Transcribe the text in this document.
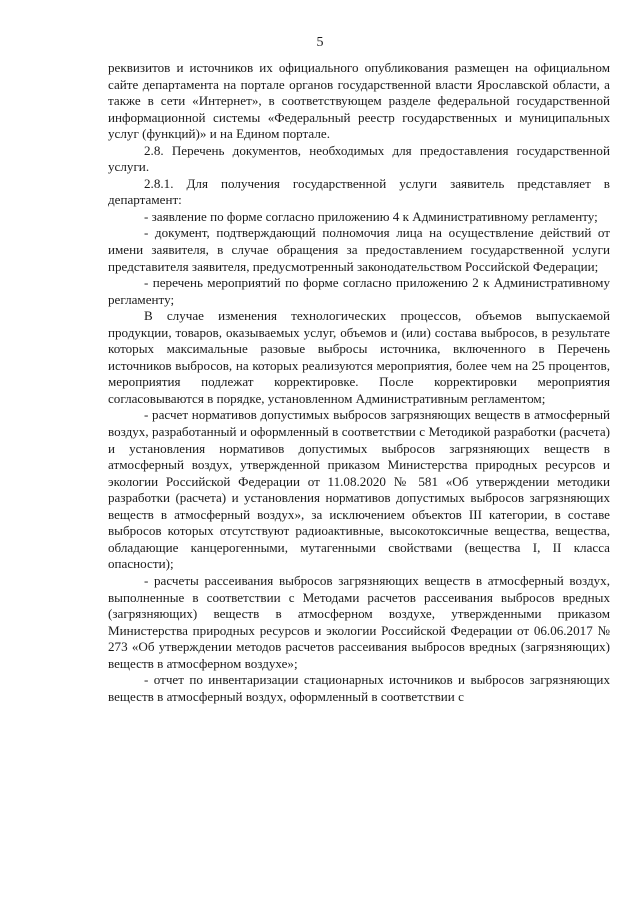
5

реквизитов и источников их официального опубликования размещен на официальном сайте департамента на портале органов государственной власти Ярославской области, а также в сети «Интернет», в соответствующем разделе федеральной государственной информационной системы «Федеральный реестр государственных и муниципальных услуг (функций)» и на Едином портале.

2.8. Перечень документов, необходимых для предоставления государственной услуги.

2.8.1. Для получения государственной услуги заявитель представляет в департамент:

- заявление по форме согласно приложению 4 к Административному регламенту;

- документ, подтверждающий полномочия лица на осуществление действий от имени заявителя, в случае обращения за предоставлением государственной услуги представителя заявителя, предусмотренный законодательством Российской Федерации;

- перечень мероприятий по форме согласно приложению 2 к Административному регламенту;

В случае изменения технологических процессов, объемов выпускаемой продукции, товаров, оказываемых услуг, объемов и (или) состава выбросов, в результате которых максимальные разовые выбросы источника, включенного в Перечень источников выбросов, на которых реализуются мероприятия, более чем на 25 процентов, мероприятия подлежат корректировке. После корректировки мероприятия согласовываются в порядке, установленном Административным регламентом;

- расчет нормативов допустимых выбросов загрязняющих веществ в атмосферный воздух, разработанный и оформленный в соответствии с Методикой разработки (расчета) и установления нормативов допустимых выбросов загрязняющих веществ в атмосферный воздух, утвержденной приказом Министерства природных ресурсов и экологии Российской Федерации от 11.08.2020 № 581 «Об утверждении методики разработки (расчета) и установления нормативов допустимых выбросов загрязняющих веществ в атмосферный воздух», за исключением объектов III категории, в составе выбросов которых отсутствуют радиоактивные, высокотоксичные вещества, вещества, обладающие канцерогенными, мутагенными свойствами (вещества I, II класса опасности);

- расчеты рассеивания выбросов загрязняющих веществ в атмосферный воздух, выполненные в соответствии с Методами расчетов рассеивания выбросов вредных (загрязняющих) веществ в атмосферном воздухе, утвержденными приказом Министерства природных ресурсов и экологии Российской Федерации от 06.06.2017 № 273 «Об утверждении методов расчетов рассеивания выбросов вредных (загрязняющих) веществ в атмосферном воздухе»;

- отчет по инвентаризации стационарных источников и выбросов загрязняющих веществ в атмосферный воздух, оформленный в соответствии с
